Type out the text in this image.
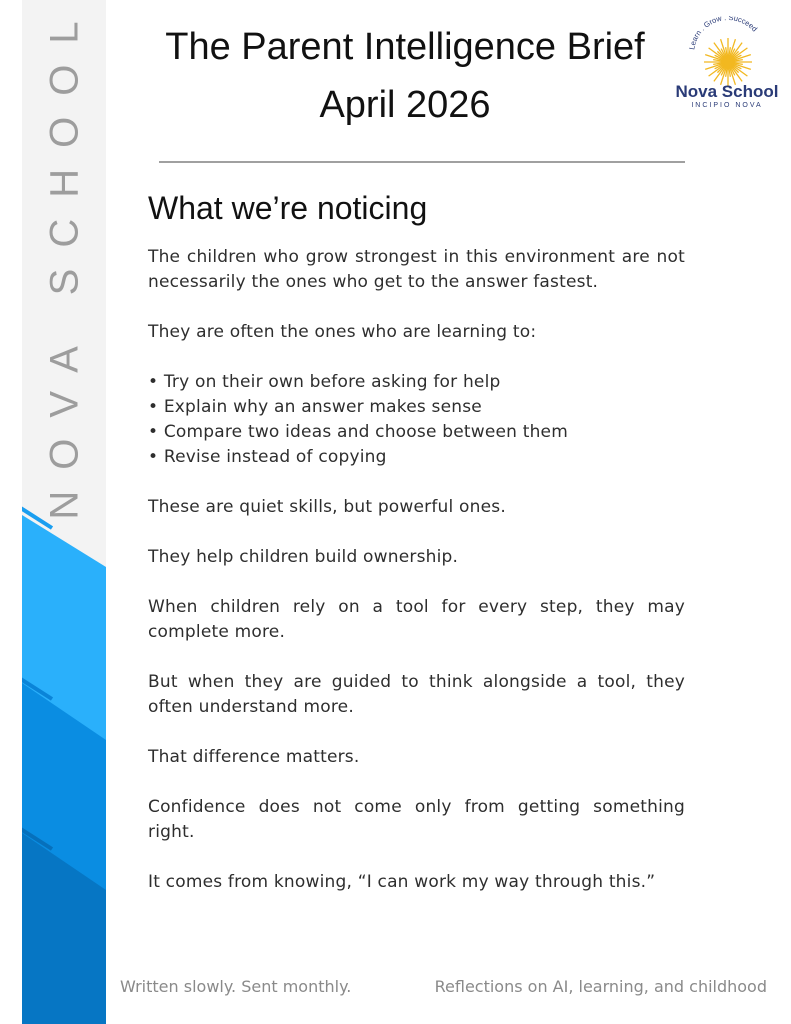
NOVA SCHOOL	The Parent Intelligence Brief
April 2026
Learn . Grow . Succeed
Nova School
INCIPIO NOVA
What we’re noticing

The children who grow strongest in this environment are not necessarily the ones who get to the answer fastest.

They are often the ones who are learning to:

• Try on their own before asking for help
• Explain why an answer makes sense
• Compare two ideas and choose between them
• Revise instead of copying

These are quiet skills, but powerful ones.

They help children build ownership.

When children rely on a tool for every step, they may complete more.

But when they are guided to think alongside a tool, they often understand more.

That difference matters.

Confidence does not come only from getting something right.

It comes from knowing, “I can work my way through this.”

Written slowly. Sent monthly.	Reflections on AI, learning, and childhood
